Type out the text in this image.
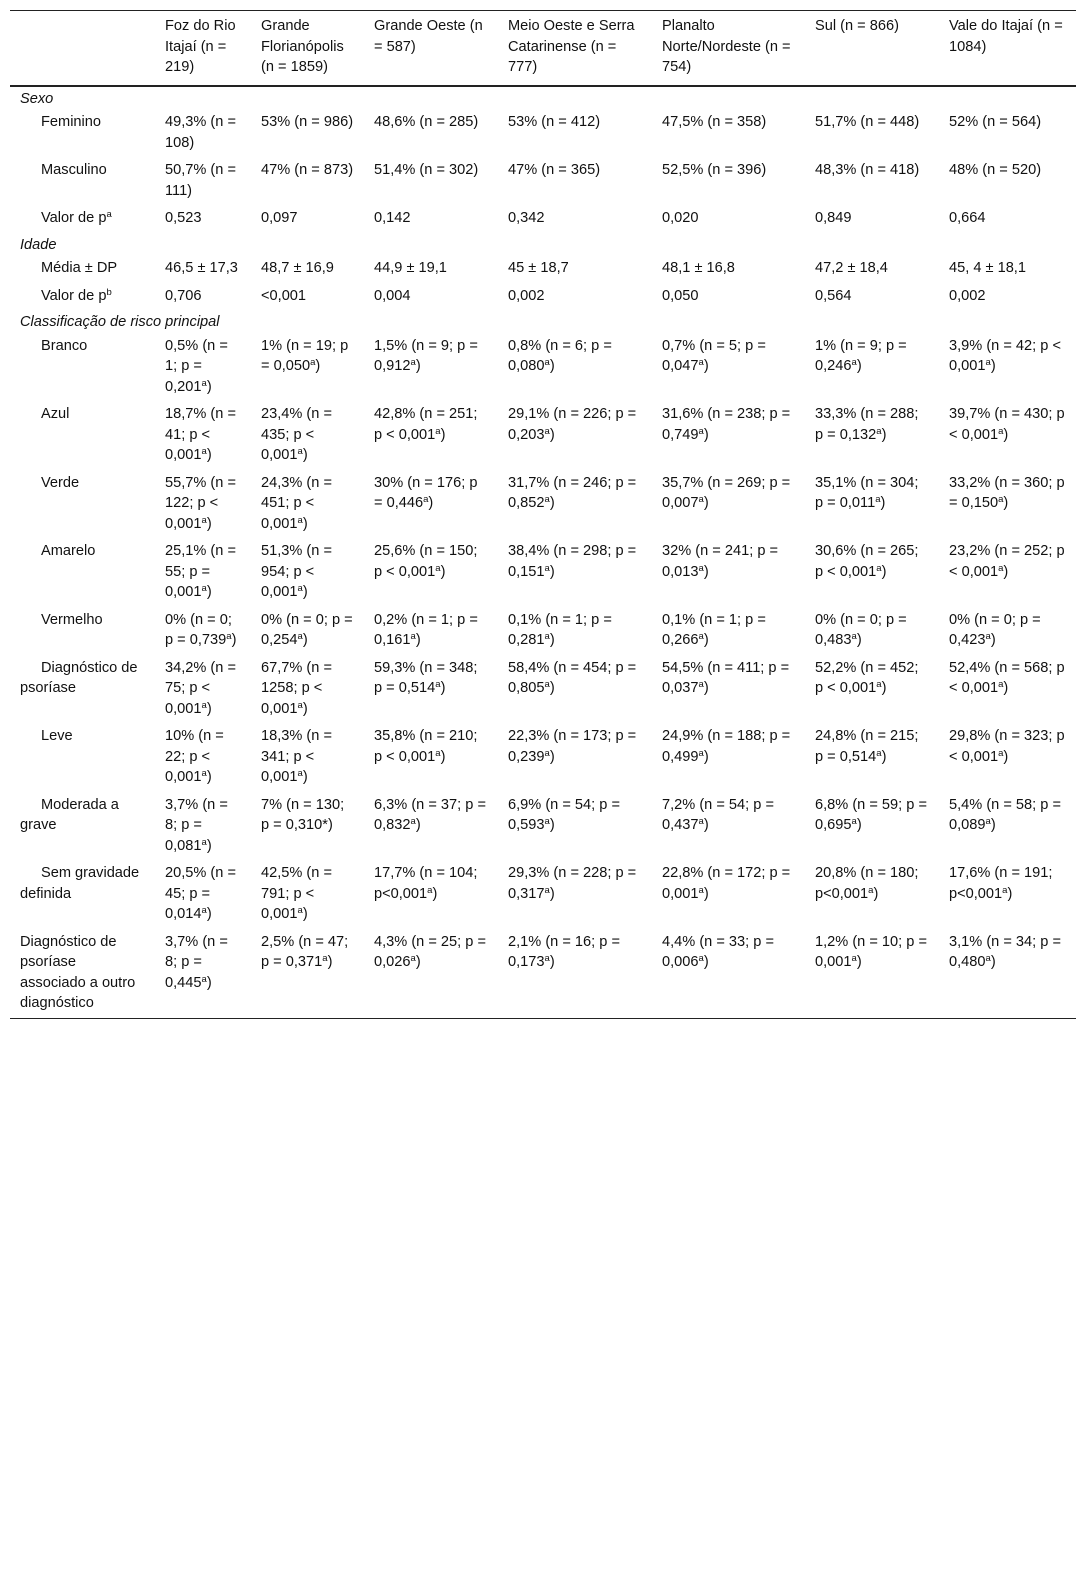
	Foz do Rio Itajaí (n = 219)	Grande Florianópolis (n = 1859)	Grande Oeste (n = 587)	Meio Oeste e Serra Catarinense (n = 777)	Planalto Norte/Nordeste (n = 754)	Sul (n = 866)	Vale do Itajaí (n = 1084)
Sexo							
Feminino	49,3% (n = 108)	53% (n = 986)	48,6% (n = 285)	53% (n = 412)	47,5% (n = 358)	51,7% (n = 448)	52% (n = 564)
Masculino	50,7% (n = 111)	47% (n = 873)	51,4% (n = 302)	47% (n = 365)	52,5% (n = 396)	48,3% (n = 418)	48% (n = 520)
Valor de $p^a$	0,523	0,097	0,142	0,342	0,020	0,849	0,664
Idade							
Média ± DP	46,5 ± 17,3	48,7 ± 16,9	44,9 ± 19,1	45 ± 18,7	48,1 ± 16,8	47,2 ± 18,4	45, 4 ± 18,1
Valor de $p^b$	0,706	<0,001	0,004	0,002	0,050	0,564	0,002
Classificação de risco principal							
Branco	0,5% (n = 1; p = 0,201$^a$)	1% (n = 19; p = 0,050$^a$)	1,5% (n = 9; p = 0,912$^a$)	0,8% (n = 6; p = 0,080$^a$)	0,7% (n = 5; p = 0,047$^a$)	1% (n = 9; p = 0,246$^a$)	3,9% (n = 42; p < 0,001$^a$)
Azul	18,7% (n = 41; p < 0,001$^a$)	23,4% (n = 435; p < 0,001$^a$)	42,8% (n = 251; p < 0,001$^a$)	29,1% (n = 226; p = 0,203$^a$)	31,6% (n = 238; p = 0,749$^a$)	33,3% (n = 288; p = 0,132$^a$)	39,7% (n = 430; p < 0,001$^a$)
Verde	55,7% (n = 122; p < 0,001$^a$)	24,3% (n = 451; p < 0,001$^a$)	30% (n = 176; p = 0,446$^a$)	31,7% (n = 246; p = 0,852$^a$)	35,7% (n = 269; p = 0,007$^a$)	35,1% (n = 304; p = 0,011$^a$)	33,2% (n = 360; p = 0,150$^a$)
Amarelo	25,1% (n = 55; p = 0,001$^a$)	51,3% (n = 954; p < 0,001$^a$)	25,6% (n = 150; p < 0,001$^a$)	38,4% (n = 298; p = 0,151$^a$)	32% (n = 241; p = 0,013$^a$)	30,6% (n = 265; p < 0,001$^a$)	23,2% (n = 252; p < 0,001$^a$)
Vermelho	0% (n = 0; p = 0,739$^a$)	0% (n = 0; p = 0,254$^a$)	0,2% (n = 1; p = 0,161$^a$)	0,1% (n = 1; p = 0,281$^a$)	0,1% (n = 1; p = 0,266$^a$)	0% (n = 0; p = 0,483$^a$)	0% (n = 0; p = 0,423$^a$)
Diagnóstico de psoríase	34,2% (n = 75; p < 0,001$^a$)	67,7% (n = 1258; p < 0,001$^a$)	59,3% (n = 348; p = 0,514$^a$)	58,4% (n = 454; p = 0,805$^a$)	54,5% (n = 411; p = 0,037$^a$)	52,2% (n = 452; p < 0,001$^a$)	52,4% (n = 568; p < 0,001$^a$)
Leve	10% (n = 22; p < 0,001$^a$)	18,3% (n = 341; p < 0,001$^a$)	35,8% (n = 210; p < 0,001$^a$)	22,3% (n = 173; p = 0,239$^a$)	24,9% (n = 188; p = 0,499$^a$)	24,8% (n = 215; p = 0,514$^a$)	29,8% (n = 323; p < 0,001$^a$)
Moderada a grave	3,7% (n = 8; p = 0,081$^a$)	7% (n = 130; p = 0,310*)	6,3% (n = 37; p = 0,832$^a$)	6,9% (n = 54; p = 0,593$^a$)	7,2% (n = 54; p = 0,437$^a$)	6,8% (n = 59; p = 0,695$^a$)	5,4% (n = 58; p = 0,089$^a$)
Sem gravidade definida	20,5% (n = 45; p = 0,014$^a$)	42,5% (n = 791; p < 0,001$^a$)	17,7% (n = 104; p<0,001$^a$)	29,3% (n = 228; p = 0,317$^a$)	22,8% (n = 172; p = 0,001$^a$)	20,8% (n = 180; p<0,001$^a$)	17,6% (n = 191; p<0,001$^a$)
Diagnóstico de psoríase associado a outro diagnóstico	3,7% (n = 8; p = 0,445$^a$)	2,5% (n = 47; p = 0,371$^a$)	4,3% (n = 25; p = 0,026$^a$)	2,1% (n = 16; p = 0,173$^a$)	4,4% (n = 33; p = 0,006$^a$)	1,2% (n = 10; p = 0,001$^a$)	3,1% (n = 34; p = 0,480$^a$)
